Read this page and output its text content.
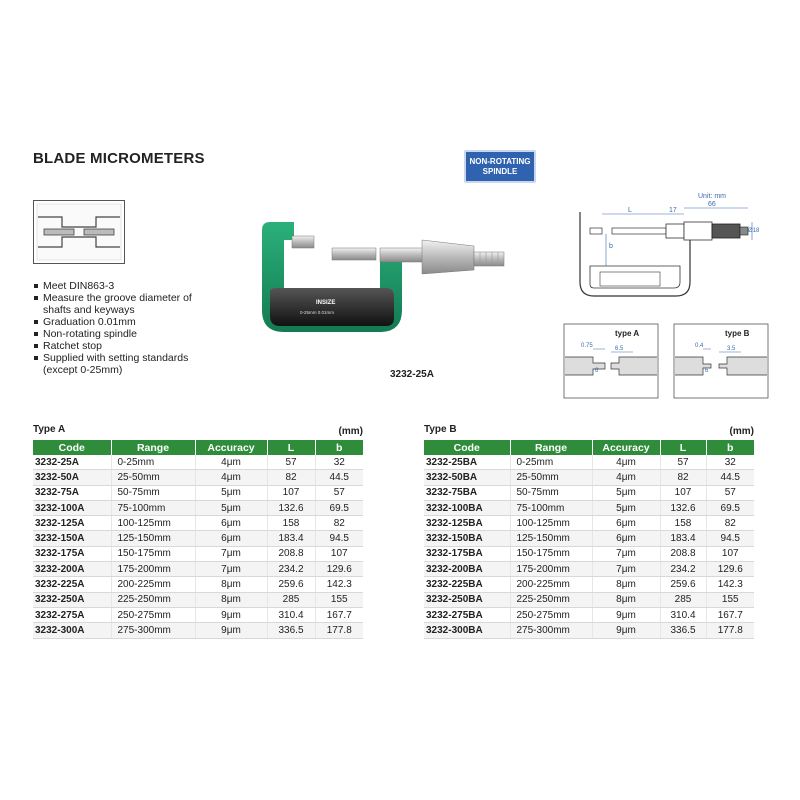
BLADE MICROMETERS	NON-ROTATING
SPINDLE
Meet DIN863-3
Measure the groove diameter of shafts and keyways
Graduation 0.01mm
Non-rotating spindle
Ratchet stop
Supplied with setting standards (except 0-25mm)
INSIZE
0-25mm 0.01mm
3232-25A
Unit: mm
L	17
66
b
Ø18
type A
0.75	6.5
6
type B
0.4	3.5
6
Type A	(mm)
Code	Range	Accuracy	L	b
3232-25A	0-25mm	4μm	57	32
3232-50A	25-50mm	4μm	82	44.5
3232-75A	50-75mm	5μm	107	57
3232-100A	75-100mm	5μm	132.6	69.5
3232-125A	100-125mm	6μm	158	82
3232-150A	125-150mm	6μm	183.4	94.5
3232-175A	150-175mm	7μm	208.8	107
3232-200A	175-200mm	7μm	234.2	129.6
3232-225A	200-225mm	8μm	259.6	142.3
3232-250A	225-250mm	8μm	285	155
3232-275A	250-275mm	9μm	310.4	167.7
3232-300A	275-300mm	9μm	336.5	177.8
Type B	(mm)
Code	Range	Accuracy	L	b
3232-25BA	0-25mm	4μm	57	32
3232-50BA	25-50mm	4μm	82	44.5
3232-75BA	50-75mm	5μm	107	57
3232-100BA	75-100mm	5μm	132.6	69.5
3232-125BA	100-125mm	6μm	158	82
3232-150BA	125-150mm	6μm	183.4	94.5
3232-175BA	150-175mm	7μm	208.8	107
3232-200BA	175-200mm	7μm	234.2	129.6
3232-225BA	200-225mm	8μm	259.6	142.3
3232-250BA	225-250mm	8μm	285	155
3232-275BA	250-275mm	9μm	310.4	167.7
3232-300BA	275-300mm	9μm	336.5	177.8
